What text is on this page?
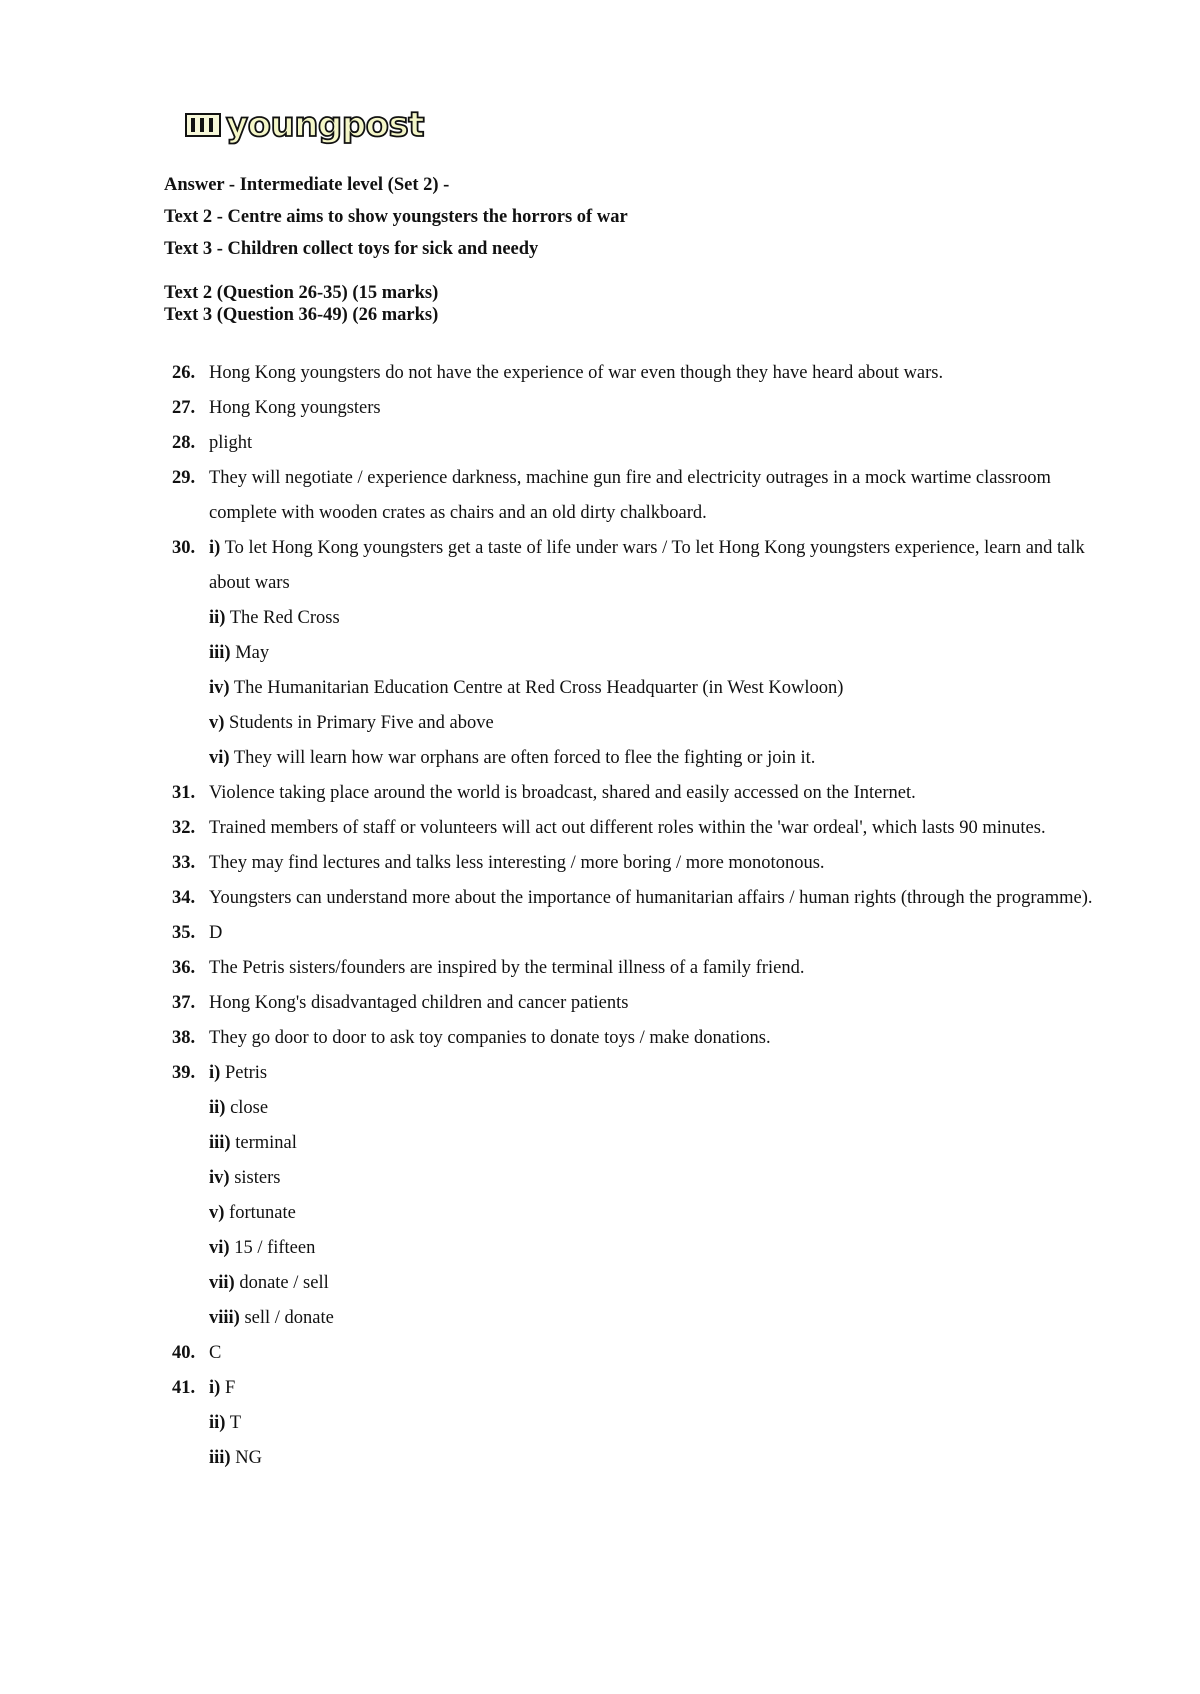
youngpost
Answer - Intermediate level (Set 2) -
Text 2 - Centre aims to show youngsters the horrors of war
Text 3 - Children collect toys for sick and needy
Text 2 (Question 26-35) (15 marks)
Text 3 (Question 36-49) (26 marks)
26. Hong Kong youngsters do not have the experience of war even though they have heard about wars.
27. Hong Kong youngsters
28. plight
29. They will negotiate / experience darkness, machine gun fire and electricity outrages in a mock wartime classroom complete with wooden crates as chairs and an old dirty chalkboard.
30. i) To let Hong Kong youngsters get a taste of life under wars / To let Hong Kong youngsters experience, learn and talk about wars
ii) The Red Cross
iii) May
iv) The Humanitarian Education Centre at Red Cross Headquarter (in West Kowloon)
v) Students in Primary Five and above
vi) They will learn how war orphans are often forced to flee the fighting or join it.
31. Violence taking place around the world is broadcast, shared and easily accessed on the Internet.
32. Trained members of staff or volunteers will act out different roles within the 'war ordeal', which lasts 90 minutes.
33. They may find lectures and talks less interesting / more boring / more monotonous.
34. Youngsters can understand more about the importance of humanitarian affairs / human rights (through the programme).
35. D
36. The Petris sisters/founders are inspired by the terminal illness of a family friend.
37. Hong Kong's disadvantaged children and cancer patients
38. They go door to door to ask toy companies to donate toys / make donations.
39. i) Petris
ii) close
iii) terminal
iv) sisters
v) fortunate
vi) 15 / fifteen
vii) donate / sell
viii) sell / donate
40. C
41. i) F
ii) T
iii) NG
